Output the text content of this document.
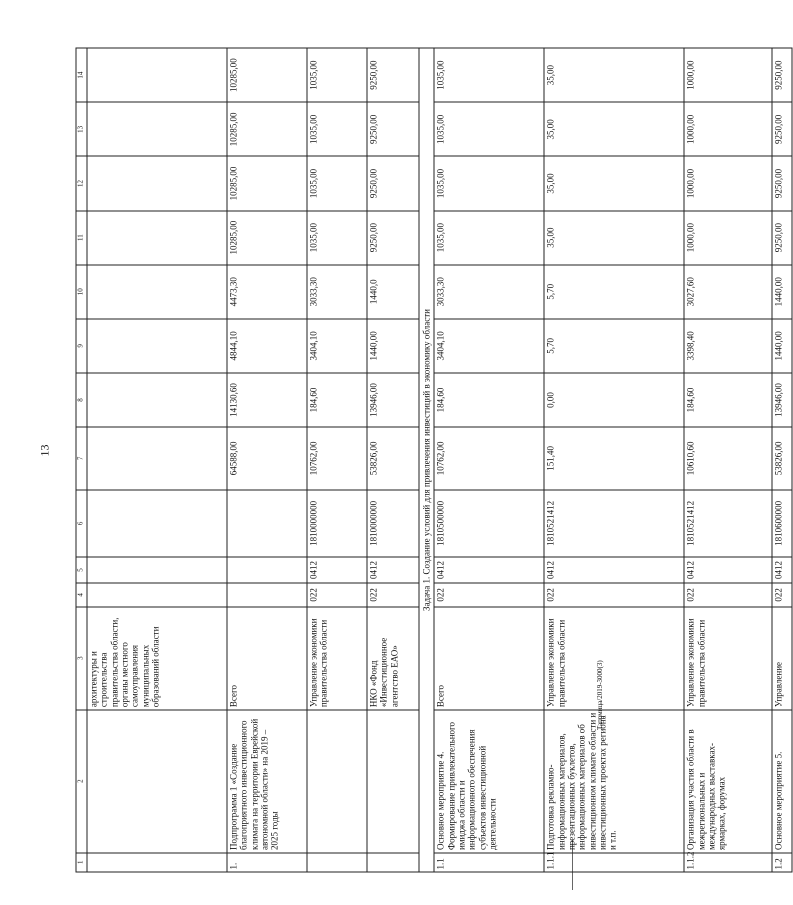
13
Тапрмица/2019-3000(3)
1	2	3	4	5	6	7	8	9	10	11	12	13	14
		архитектуры и строительства правительства области, органы местного самоуправления муниципальных образований области											
1.	Подпрограмма 1 «Создание благоприятного инвестиционного климата на территории Еврейской автономной области» на 2019 – 2025 годы	Всего				64588,00	14130,60	4844,10	4473,30	10285,00	10285,00	10285,00	10285,00
		Управление экономики правительства области	022	0412	1810000000	10762,00	184,60	3404,10	3033,30	1035,00	1035,00	1035,00	1035,00
		НКО «Фонд «Инвестиционное агентство ЕАО»	022	0412	1810000000	53826,00	13946,00	1440,00	1440,0	9250,00	9250,00	9250,00	9250,00
Задача 1. Создание условий для привлечения инвестиций в экономику области													
1.1	Основное мероприятие 4. Формирование привлекательного имиджа области и информационного обеспечения субъектов инвестиционной деятельности	Всего	022	0412	1810500000	10762,00	184,60	3404,10	3033,30	1035,00	1035,00	1035,00	1035,00
1.1.1	Подготовка рекламно-информационных материалов, презентационных буклетов, информационных материалов об инвестиционном климате области и инвестиционных проектах региона и т.п.	Управление экономики правительства области	022	0412	1810521412	151,40	0,00	5,70	5,70	35,00	35,00	35,00	35,00
1.1.2	Организация участия области в межрегиональных и международных выставках-ярмарках, форумах	Управление экономики правительства области	022	0412	1810521412	10610,60	184,60	3398,40	3027,60	1000,00	1000,00	1000,00	1000,00
1.2	Основное мероприятие 5.	Управление	022	0412	1810600000	53826,00	13946,00	1440,00	1440,00	9250,00	9250,00	9250,00	9250,00
